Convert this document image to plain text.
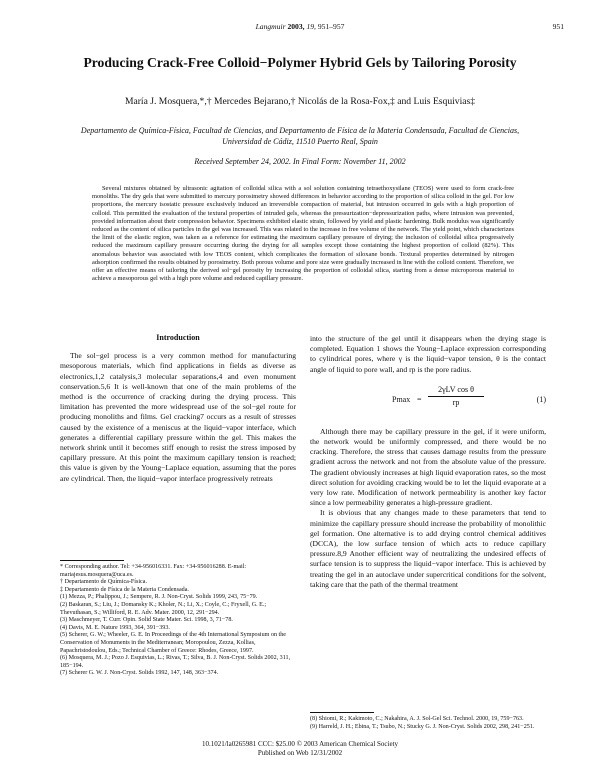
Langmuir 2003, 19, 951–957	951
Producing Crack-Free Colloid−Polymer Hybrid Gels by Tailoring Porosity
María J. Mosquera,*,† Mercedes Bejarano,† Nicolás de la Rosa-Fox,‡ and Luis Esquivias‡
Departamento de Química-Física, Facultad de Ciencias, and Departamento de Física de la Materia Condensada, Facultad de Ciencias, Universidad de Cádiz, 11510 Puerto Real, Spain
Received September 24, 2002. In Final Form: November 11, 2002
Several mixtures obtained by ultrasonic agitation of colloidal silica with a sol solution containing tetraethoxysilane (TEOS) were used to form crack-free monoliths. The dry gels that were submitted to mercury porosimetry showed differences in behavior according to the proportion of silica colloid in the gel. For low proportions, the mercury isostatic pressure exclusively induced an irreversible compaction of material, but intrusion occurred in gels with a high proportion of colloid. This permitted the evaluation of the textural properties of intruded gels, whereas the pressurization−depressurization paths, where intrusion was prevented, provided information about their compression behavior. Specimens exhibited elastic strain, followed by yield and plastic hardening. Bulk modulus was significantly reduced as the content of silica particles in the gel was increased. This was related to the increase in free volume of the network. The yield point, which characterizes the limit of the elastic region, was taken as a reference for estimating the maximum capillary pressure of drying; the inclusion of colloidal silica progressively reduced the maximum capillary pressure occurring during the drying for all samples except those containing the highest proportion of colloid (82%). This anomalous behavior was associated with low TEOS content, which complicates the formation of siloxane bonds. Textural properties determined by nitrogen adsorption confirmed the results obtained by porosimetry. Both porous volume and pore size were gradually increased in line with the colloid content. Therefore, we offer an effective means of tailoring the derived sol−gel porosity by increasing the proportion of colloidal silica, starting from a dense microporous material to achieve a mesoporous gel with a high pore volume and reduced capillary pressure.
Introduction

The sol−gel process is a very common method for manufacturing mesoporous materials, which find applications in fields as diverse as electronics,1,2 catalysis,3 molecular separations,4 and even monument conservation.5,6 It is well-known that one of the main problems of the method is the occurrence of cracking during the drying process. This limitation has prevented the more widespread use of the sol−gel route for producing monoliths and films. Gel cracking7 occurs as a result of stresses caused by the existence of a meniscus at the liquid−vapor interface, which generates a differential capillary pressure within the gel. This makes the network shrink until it becomes stiff enough to resist the stress imposed by capillary pressure. At this point the maximum capillary tension is reached; this value is given by the Young−Laplace equation, assuming that the pores are cylindrical. Then, the liquid−vapor interface progressively retreats

* Corresponding author. Tel: +34-956016331. Fax: +34-956016288. E-mail: mariajesus.mosquera@uca.es.

† Departamento de Química-Física.

‡ Departamento de Física de la Materia Condensada.

(1) Mezza, P.; Phalippou, J.; Sempere, R. J. Non-Cryst. Solids 1999, 243, 75−79.

(2) Baskaran, S.; Liu, J.; Domansky K.; Kholer, N.; Li, X.; Coyle, C.; Fryxell, G. E.; Thevuthasan, S.; Williford, R. E. Adv. Mater. 2000, 12, 291−294.

(3) Maschmeyer, T. Curr. Opin. Solid State Mater. Sci. 1998, 3, 71−78.

(4) Davis, M. E. Nature 1993, 364, 391−393.

(5) Scherer, G. W.; Wheeler, G. E. In Proceedings of the 4th International Symposium on the Conservation of Monuments in the Mediterranean; Moropoulou, Zezza, Kollias, Papachristodoulou, Eds.; Technical Chamber of Greece: Rhodes, Greece, 1997.

(6) Mosquera, M. J.; Pozo J. Esquivias, L.; Rivas, T.; Silva, B. J. Non-Cryst. Solids 2002, 311, 185−194.

(7) Scherer G. W. J. Non-Cryst. Solids 1992, 147, 148, 363−374.

into the structure of the gel until it disappears when the drying stage is completed. Equation 1 shows the Young−Laplace expression corresponding to cylindrical pores, where γ is the liquid−vapor tension, θ is the contact angle of liquid to pore wall, and rp is the pore radius.

Pmax =
2γLV cos θ
rp	(1)

Although there may be capillary pressure in the gel, if it were uniform, the network would be uniformly compressed, and there would be no cracking. Therefore, the stress that causes damage results from the pressure gradient across the network and not from the absolute value of the pressure. The gradient obviously increases at high liquid evaporation rates, so the most direct solution for avoiding cracking would be to let the liquid evaporate at a very low rate. Modification of network permeability is another key factor since a low permeability generates a high-pressure gradient.

It is obvious that any changes made to these parameters that tend to minimize the capillary pressure should increase the probability of monolithic gel formation. One alternative is to add drying control chemical additives (DCCA), the low surface tension of which acts to reduce capillary pressure.8,9 Another efficient way of neutralizing the undesired effects of surface tension is to suppress the liquid−vapor interface. This is achieved by treating the gel in an autoclave under supercritical conditions for the solvent, taking care that the path of the thermal treatment

(8) Shiomi, R.; Kakimoto, C.; Nakahira, A. J. Sol-Gel Sci. Technol. 2000, 19, 759−763.

(9) Harreld, J. H.; Ebina, T.; Tsubo, N.; Stucky G. J. Non-Cryst. Solids 2002, 298, 241−251.

10.1021/la0265981 CCC: $25.00 © 2003 American Chemical Society
Published on Web 12/31/2002
